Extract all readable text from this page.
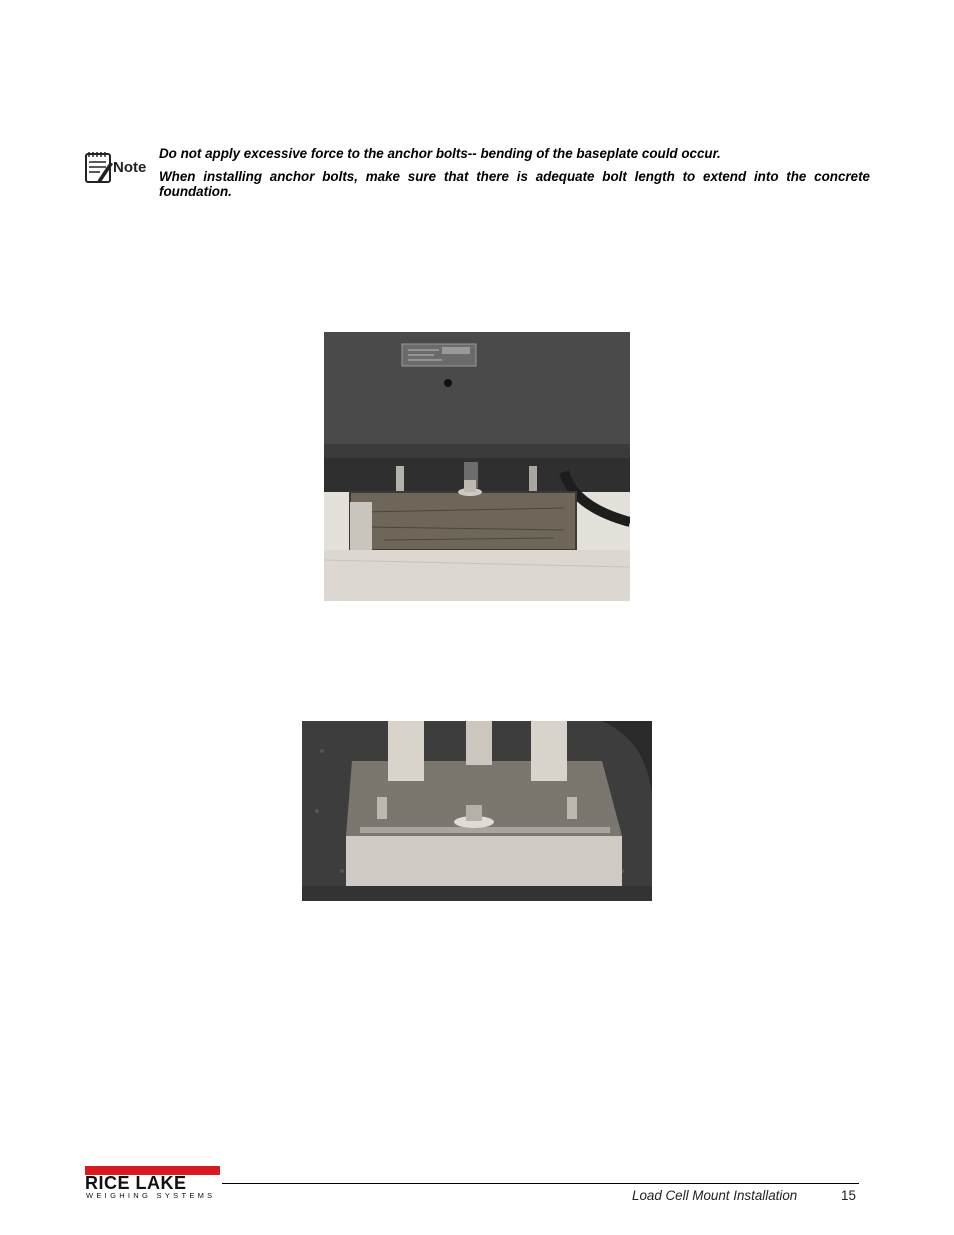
Note

Do not apply excessive force to the anchor bolts-- bending of the baseplate could occur.

When installing anchor bolts, make sure that there is adequate bolt length to extend into the concrete foundation.

RICE LAKE
WEIGHING SYSTEMS	Load Cell Mount Installation	15
